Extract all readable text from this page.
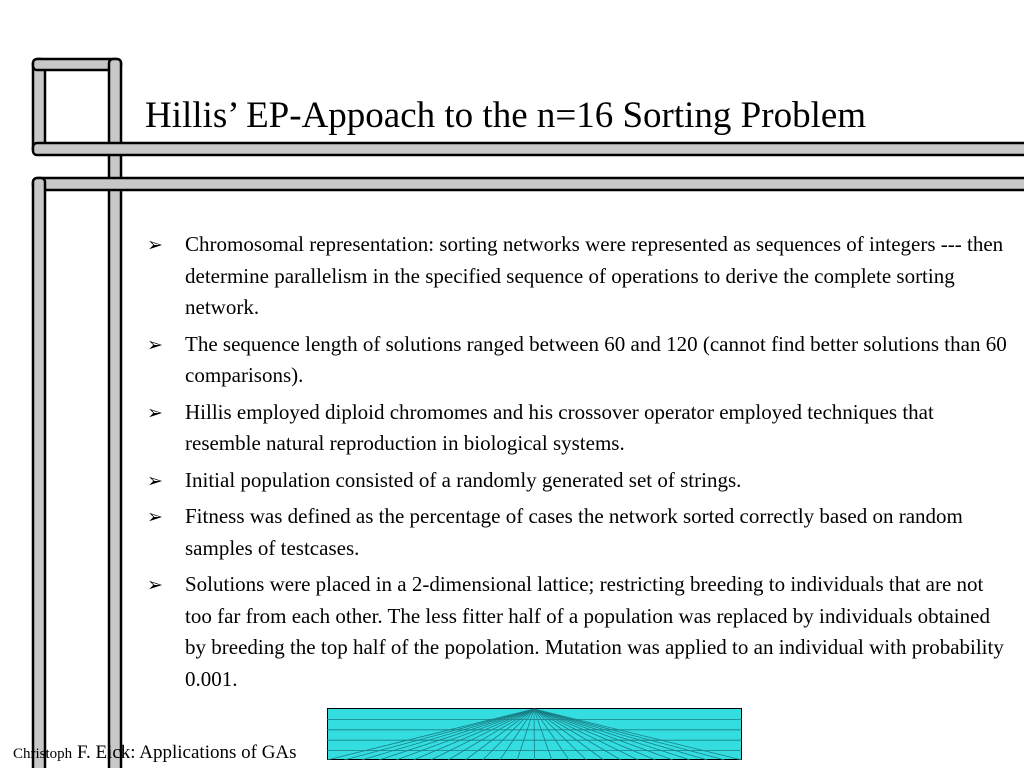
Hillis’ EP-Appoach to the n=16 Sorting Problem
➢ Chromosomal representation: sorting networks were represented as sequences of integers --- then determine parallelism in the specified sequence of operations to derive the complete sorting network.
➢ The sequence length of solutions ranged between 60 and 120 (cannot find better solutions than 60 comparisons).
➢ Hillis employed diploid chromomes and his crossover operator employed techniques that resemble natural reproduction in biological systems.
➢ Initial population consisted of a randomly generated set of strings.
➢ Fitness was defined as the percentage of cases the network sorted correctly based on random samples of testcases.
➢ Solutions were placed in a 2-dimensional lattice; restricting breeding to individuals that are not too far from each other. The less fitter half of a population was replaced by individuals obtained by breeding the top half of the popolation. Mutation was applied to an individual with probability 0.001.
Christoph F. Eick: Applications of GAs
